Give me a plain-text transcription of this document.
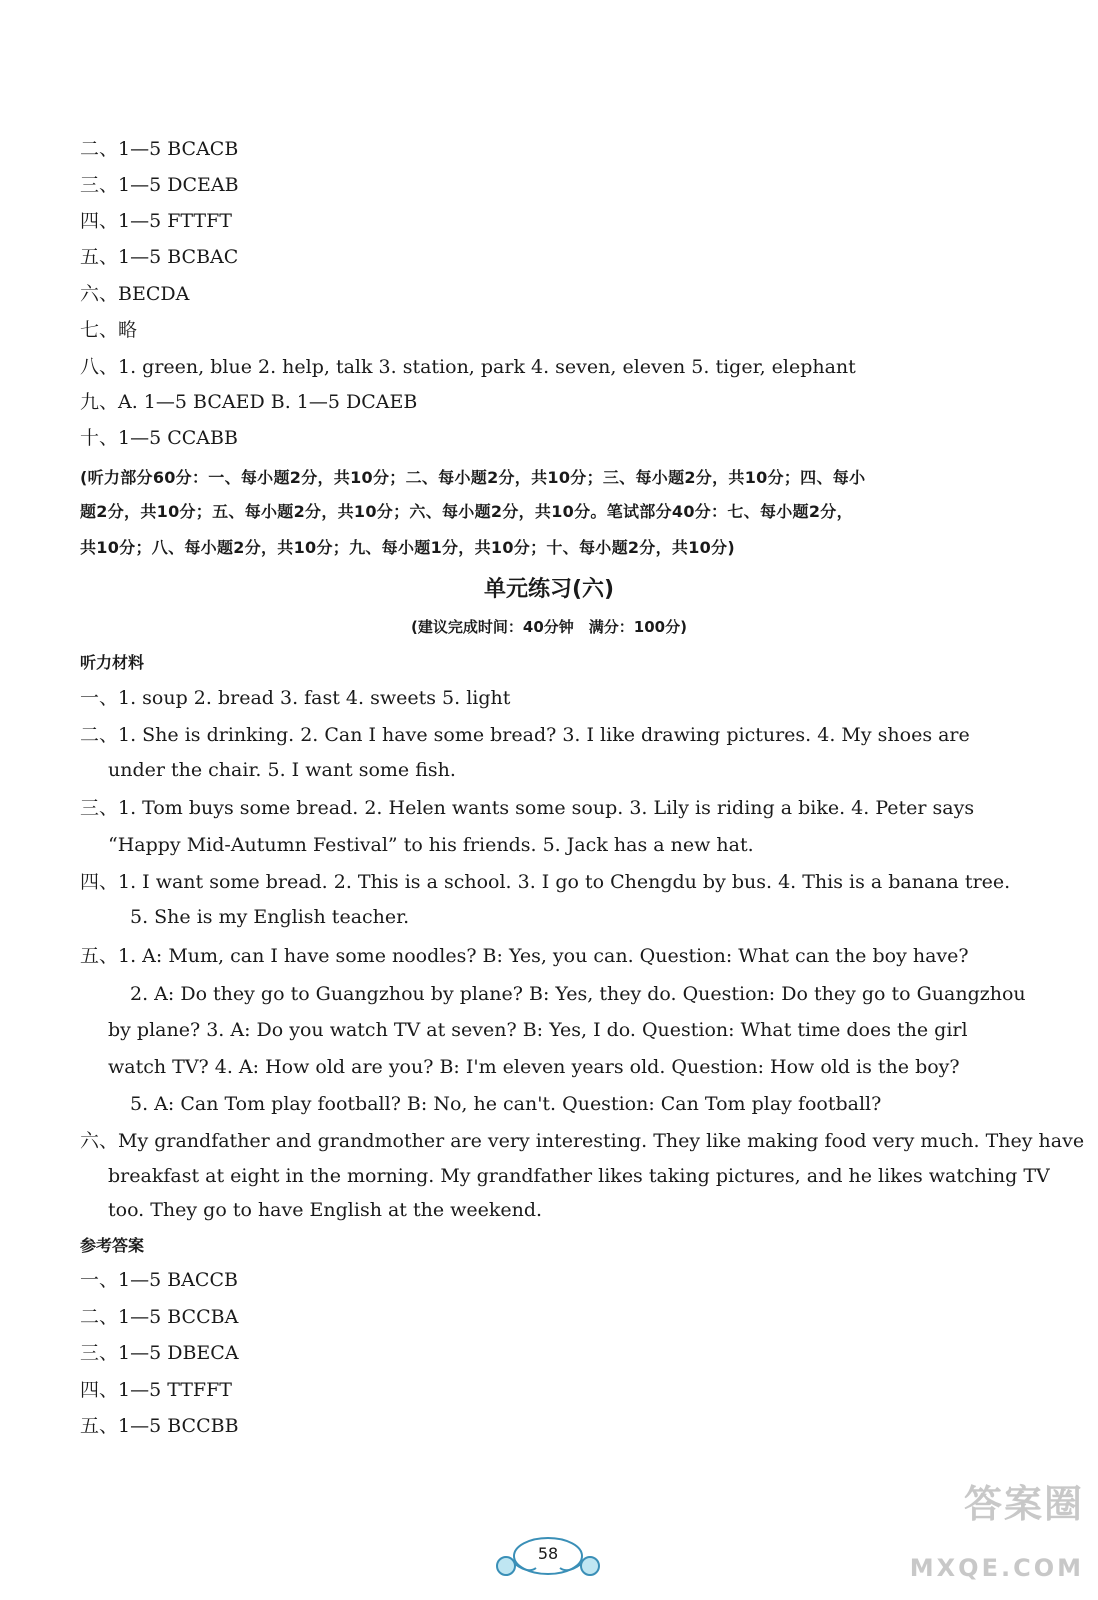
二、1—5 BCACB
三、1—5 DCEAB
四、1—5 FTTFT
五、1—5 BCBAC
六、BECDA
七、略
八、1. green, blue 2. help, talk 3. station, park 4. seven, eleven 5. tiger, elephant
九、A. 1—5 BCAED B. 1—5 DCAEB
十、1—5 CCABB
(听力部分60分：一、每小题2分，共10分；二、每小题2分，共10分；三、每小题2分，共10分；四、每小
题2分，共10分；五、每小题2分，共10分；六、每小题2分，共10分。笔试部分40分：七、每小题2分，
共10分；八、每小题2分，共10分；九、每小题1分，共10分；十、每小题2分，共10分)
单元练习(六)
(建议完成时间：40分钟　满分：100分)
听力材料
一、1. soup 2. bread 3. fast 4. sweets 5. light
二、1. She is drinking. 2. Can I have some bread? 3. I like drawing pictures. 4. My shoes are
under the chair. 5. I want some fish.
三、1. Tom buys some bread. 2. Helen wants some soup. 3. Lily is riding a bike. 4. Peter says
“Happy Mid-Autumn Festival” to his friends. 5. Jack has a new hat.
四、1. I want some bread. 2. This is a school. 3. I go to Chengdu by bus. 4. This is a banana tree.
5. She is my English teacher.
五、1. A: Mum, can I have some noodles? B: Yes, you can. Question: What can the boy have?
2. A: Do they go to Guangzhou by plane? B: Yes, they do. Question: Do they go to Guangzhou
by plane? 3. A: Do you watch TV at seven? B: Yes, I do. Question: What time does the girl
watch TV? 4. A: How old are you? B: I'm eleven years old. Question: How old is the boy?
5. A: Can Tom play football? B: No, he can't. Question: Can Tom play football?
六、My grandfather and grandmother are very interesting. They like making food very much. They have
breakfast at eight in the morning. My grandfather likes taking pictures, and he likes watching TV
too. They go to have English at the weekend.
参考答案
一、1—5 BACCB
二、1—5 BCCBA
三、1—5 DBECA
四、1—5 TTFFT
五、1—5 BCCBB
58
答案圈
MXQE.COM
